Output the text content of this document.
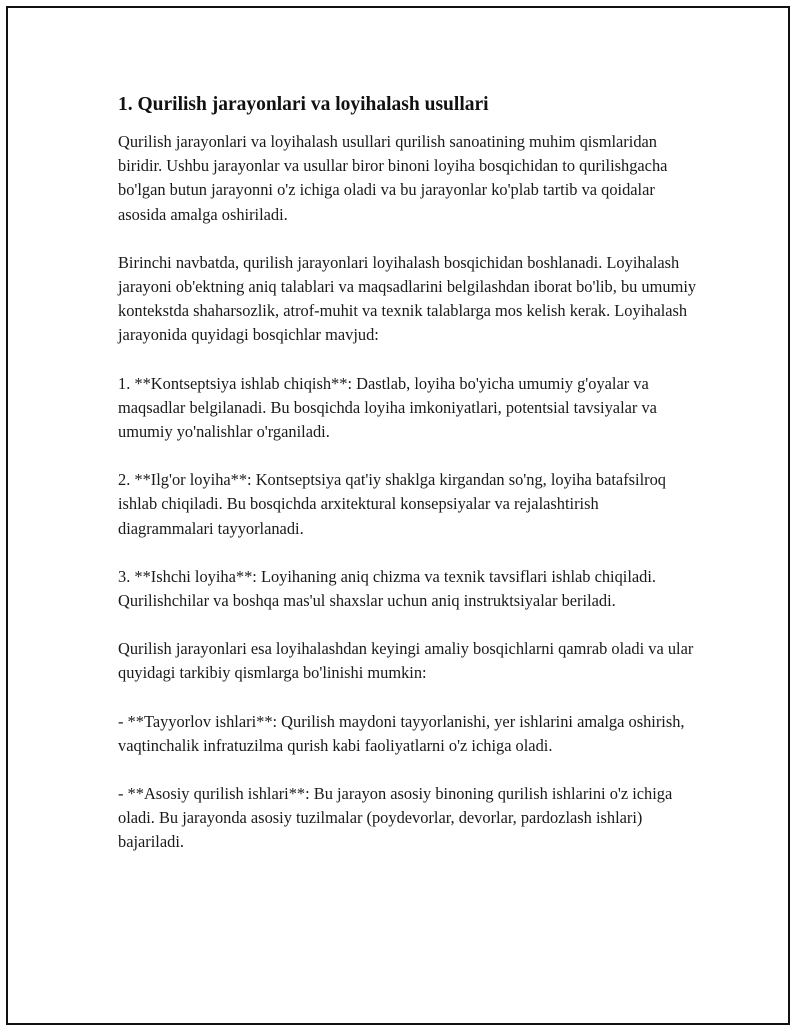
1. Qurilish jarayonlari va loyihalash usullari

Qurilish jarayonlari va loyihalash usullari qurilish sanoatining muhim qismlaridan biridir. Ushbu jarayonlar va usullar biror binoni loyiha bosqichidan to qurilishgacha bo'lgan butun jarayonni o'z ichiga oladi va bu jarayonlar ko'plab tartib va qoidalar asosida amalga oshiriladi.

Birinchi navbatda, qurilish jarayonlari loyihalash bosqichidan boshlanadi. Loyihalash jarayoni ob'ektning aniq talablari va maqsadlarini belgilashdan iborat bo'lib, bu umumiy kontekstda shaharsozlik, atrof-muhit va texnik talablarga mos kelish kerak. Loyihalash jarayonida quyidagi bosqichlar mavjud:

1. **Kontseptsiya ishlab chiqish**: Dastlab, loyiha bo'yicha umumiy g'oyalar va maqsadlar belgilanadi. Bu bosqichda loyiha imkoniyatlari, potentsial tavsiyalar va umumiy yo'nalishlar o'rganiladi.

2. **Ilg'or loyiha**: Kontseptsiya qat'iy shaklga kirgandan so'ng, loyiha batafsilroq ishlab chiqiladi. Bu bosqichda arxitektural konsepsiyalar va rejalashtirish diagrammalari tayyorlanadi.

3. **Ishchi loyiha**: Loyihaning aniq chizma va texnik tavsiflari ishlab chiqiladi. Qurilishchilar va boshqa mas'ul shaxslar uchun aniq instruktsiyalar beriladi.

Qurilish jarayonlari esa loyihalashdan keyingi amaliy bosqichlarni qamrab oladi va ular quyidagi tarkibiy qismlarga bo'linishi mumkin:

- **Tayyorlov ishlari**: Qurilish maydoni tayyorlanishi, yer ishlarini amalga oshirish, vaqtinchalik infratuzilma qurish kabi faoliyatlarni o'z ichiga oladi.

- **Asosiy qurilish ishlari**: Bu jarayon asosiy binoning qurilish ishlarini o'z ichiga oladi. Bu jarayonda asosiy tuzilmalar (poydevorlar, devorlar, pardozlash ishlari) bajariladi.
